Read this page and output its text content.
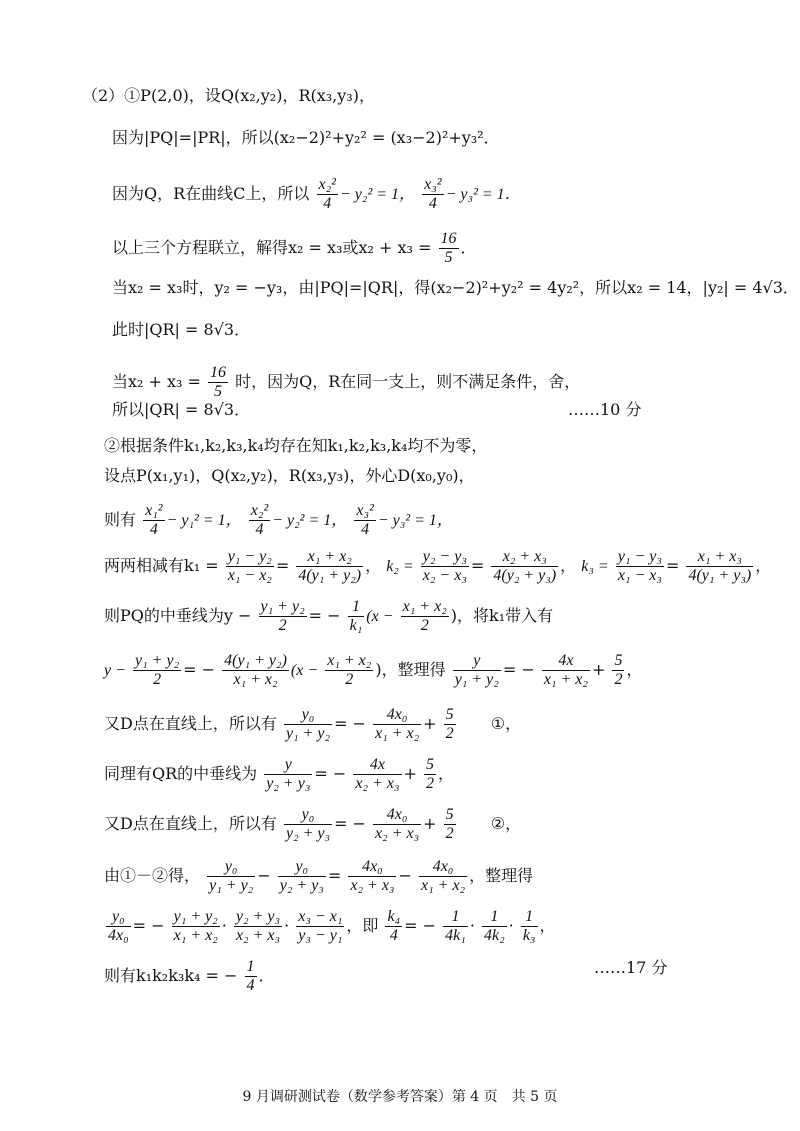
（2）①P(2,0)，设Q(x₂,y₂)，R(x₃,y₃)，
因为|PQ|=|PR|，所以(x₂−2)²+y₂² = (x₃−2)²+y₃²．
因为Q，R在曲线C上，所以 $\frac{\text{x₂²}}{4} - y_2^2 = 1$， $\frac{\text{x₃²}}{4} - y_3^2 = 1$．
以上三个方程联立，解得x₂ = x₃或$x_2 + x_3 = \frac{16}{5}$ ．
当x₂ = x₃时，y₂ = −y₃，由|PQ|=|QR|，得(x₂−2)²+y₂² = 4y₂²，所以x₂ = 14，|y₂| = 4√3．
此时|QR| = 8√3．
当$x_2 + x_3 = \frac{16}{5}$ 时，因为Q，R在同一支上，则不满足条件，舍，
所以|QR| = 8√3．	……10 分
②根据条件k₁,k₂,k₃,k₄均存在知k₁,k₂,k₃,k₄均不为零，
设点P(x₁,y₁)，Q(x₂,y₂)，R(x₃,y₃)，外心D(x₀,y₀)，
则有 $\frac{\text{x₁²}}{4} - y_1^2 = 1$， $\frac{\text{x₂²}}{4} - y_2^2 = 1$， $\frac{\text{x₃²}}{4} - y_3^2 = 1$，
两两相减有$k_1 = \frac{\text{y₁ − y₂}}{\text{x₁ − x₂}} = \frac{\text{x₁ + x₂}}{\text{4(y₁ + y₂)}}$ ， $k_2 = \frac{\text{y₂ − y₃}}{\text{x₂ − x₃}} = \frac{\text{x₂ + x₃}}{\text{4(y₂ + y₃)}}$ ， $k_3 = \frac{\text{y₁ − y₃}}{\text{x₁ − x₃}} = \frac{\text{x₁ + x₃}}{\text{4(y₁ + y₃)}}$ ，
则PQ的中垂线为$y - \frac{\text{y₁ + y₂}}{2}$ = − $\frac{1}{\text{k₁}} (x - \frac{\text{x₁ + x₂}}{2}$ )，将k₁带入有
$y - \frac{\text{y₁ + y₂}}{2}$ = − $\frac{\text{4(y₁ + y₂)}}{\text{x₁ + x₂}} (x - \frac{\text{x₁ + x₂}}{2}$ )，整理得 $\frac{y}{\text{y₁ + y₂}}$ = − $\frac{4x}{\text{x₁ + x₂}} + \frac{5}{2}$ ，
又D点在直线上，所以有 $\frac{\text{y₀}}{\text{y₁ + y₂}}$ = − $\frac{\text{4x₀}}{\text{x₁ + x₂}} + \frac{5}{2}$ ①，
同理有QR的中垂线为 $\frac{y}{\text{y₂ + y₃}}$ = − $\frac{4x}{\text{x₂ + x₃}} + \frac{5}{2}$ ，
又D点在直线上，所以有 $\frac{\text{y₀}}{\text{y₂ + y₃}}$ = − $\frac{\text{4x₀}}{\text{x₂ + x₃}} + \frac{5}{2}$ ②，
由①－②得， $\frac{\text{y₀}}{\text{y₁ + y₂}} - \frac{\text{y₀}}{\text{y₂ + y₃}} = \frac{\text{4x₀}}{\text{x₂ + x₃}} - \frac{\text{4x₀}}{\text{x₁ + x₂}}$ ，整理得
$\frac{\text{y₀}}{\text{4x₀}}$ = − $\frac{\text{y₁ + y₂}}{\text{x₁ + x₂}} \cdot \frac{\text{y₂ + y₃}}{\text{x₂ + x₃}} \cdot \frac{\text{x₃ − x₁}}{\text{y₃ − y₁}}$ ，即 $\frac{\text{k₄}}{4}$ = − $\frac{1}{\text{4k₁}} \cdot \frac{1}{\text{4k₂}} \cdot \frac{1}{\text{k₃}}$ ，
则有k₁k₂k₃k₄ = − $\frac{1}{4}$ ．	……17 分
9 月调研测试卷（数学参考答案）第 4 页　共 5 页
